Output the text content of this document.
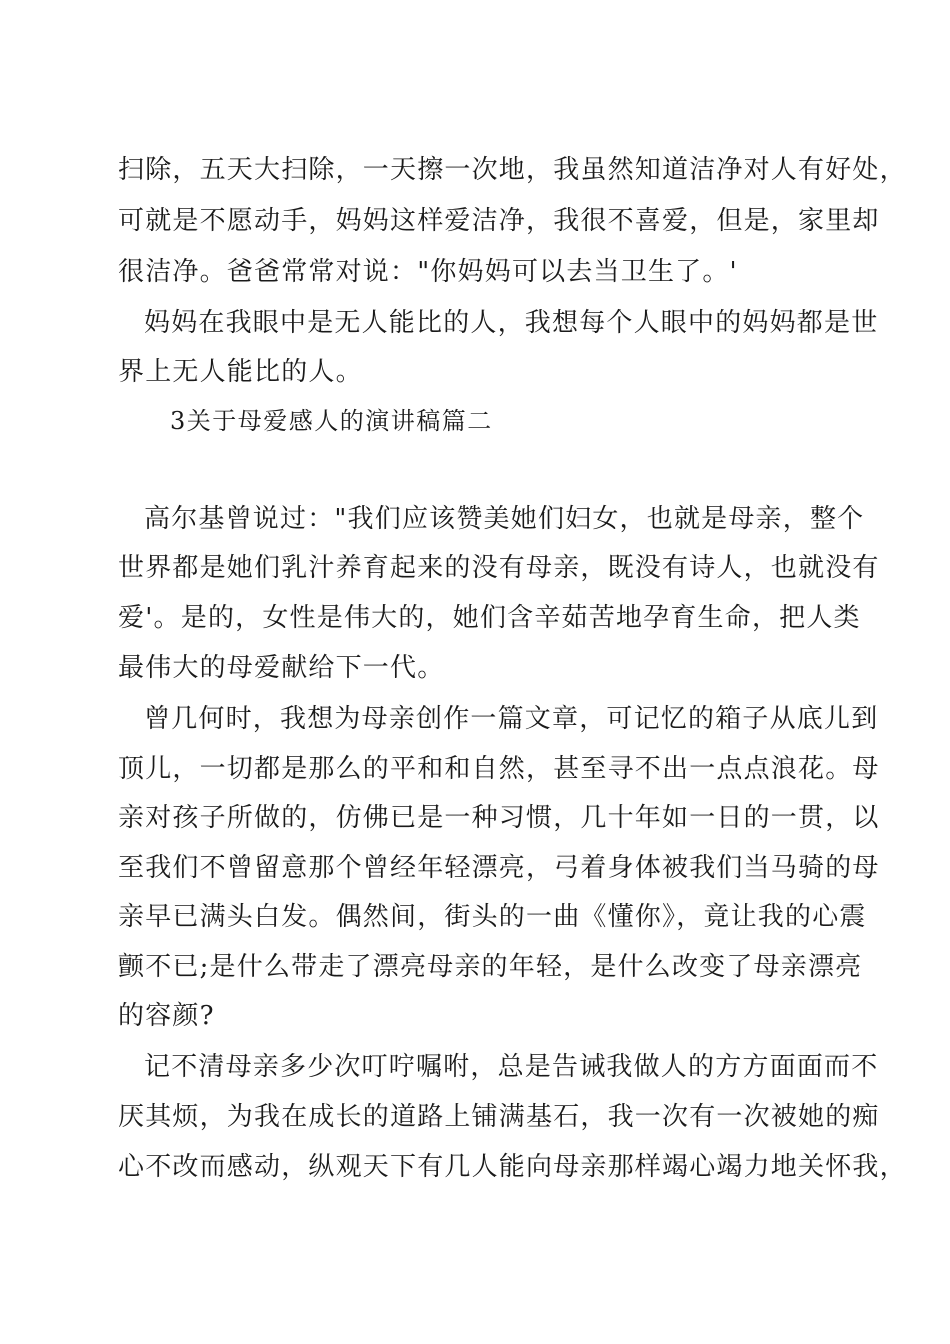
扫除，五天大扫除，一天擦一次地，我虽然知道洁净对人有好处，
可就是不愿动手，妈妈这样爱洁净，我很不喜爱，但是，家里却
很洁净。爸爸常常对说："你妈妈可以去当卫生了。'
妈妈在我眼中是无人能比的人，我想每个人眼中的妈妈都是世
界上无人能比的人。
3关于母爱感人的演讲稿篇二
高尔基曾说过："我们应该赞美她们妇女，也就是母亲，整个
世界都是她们乳汁养育起来的没有母亲，既没有诗人，也就没有
爱'。是的，女性是伟大的，她们含辛茹苦地孕育生命，把人类
最伟大的母爱献给下一代。
曾几何时，我想为母亲创作一篇文章，可记忆的箱子从底儿到
顶儿，一切都是那么的平和和自然，甚至寻不出一点点浪花。母
亲对孩子所做的，仿佛已是一种习惯，几十年如一日的一贯，以
至我们不曾留意那个曾经年轻漂亮，弓着身体被我们当马骑的母
亲早已满头白发。偶然间，街头的一曲《懂你》，竟让我的心震
颤不已;是什么带走了漂亮母亲的年轻，是什么改变了母亲漂亮
的容颜?
记不清母亲多少次叮咛嘱咐，总是告诫我做人的方方面面而不
厌其烦，为我在成长的道路上铺满基石，我一次有一次被她的痴
心不改而感动，纵观天下有几人能向母亲那样竭心竭力地关怀我，
